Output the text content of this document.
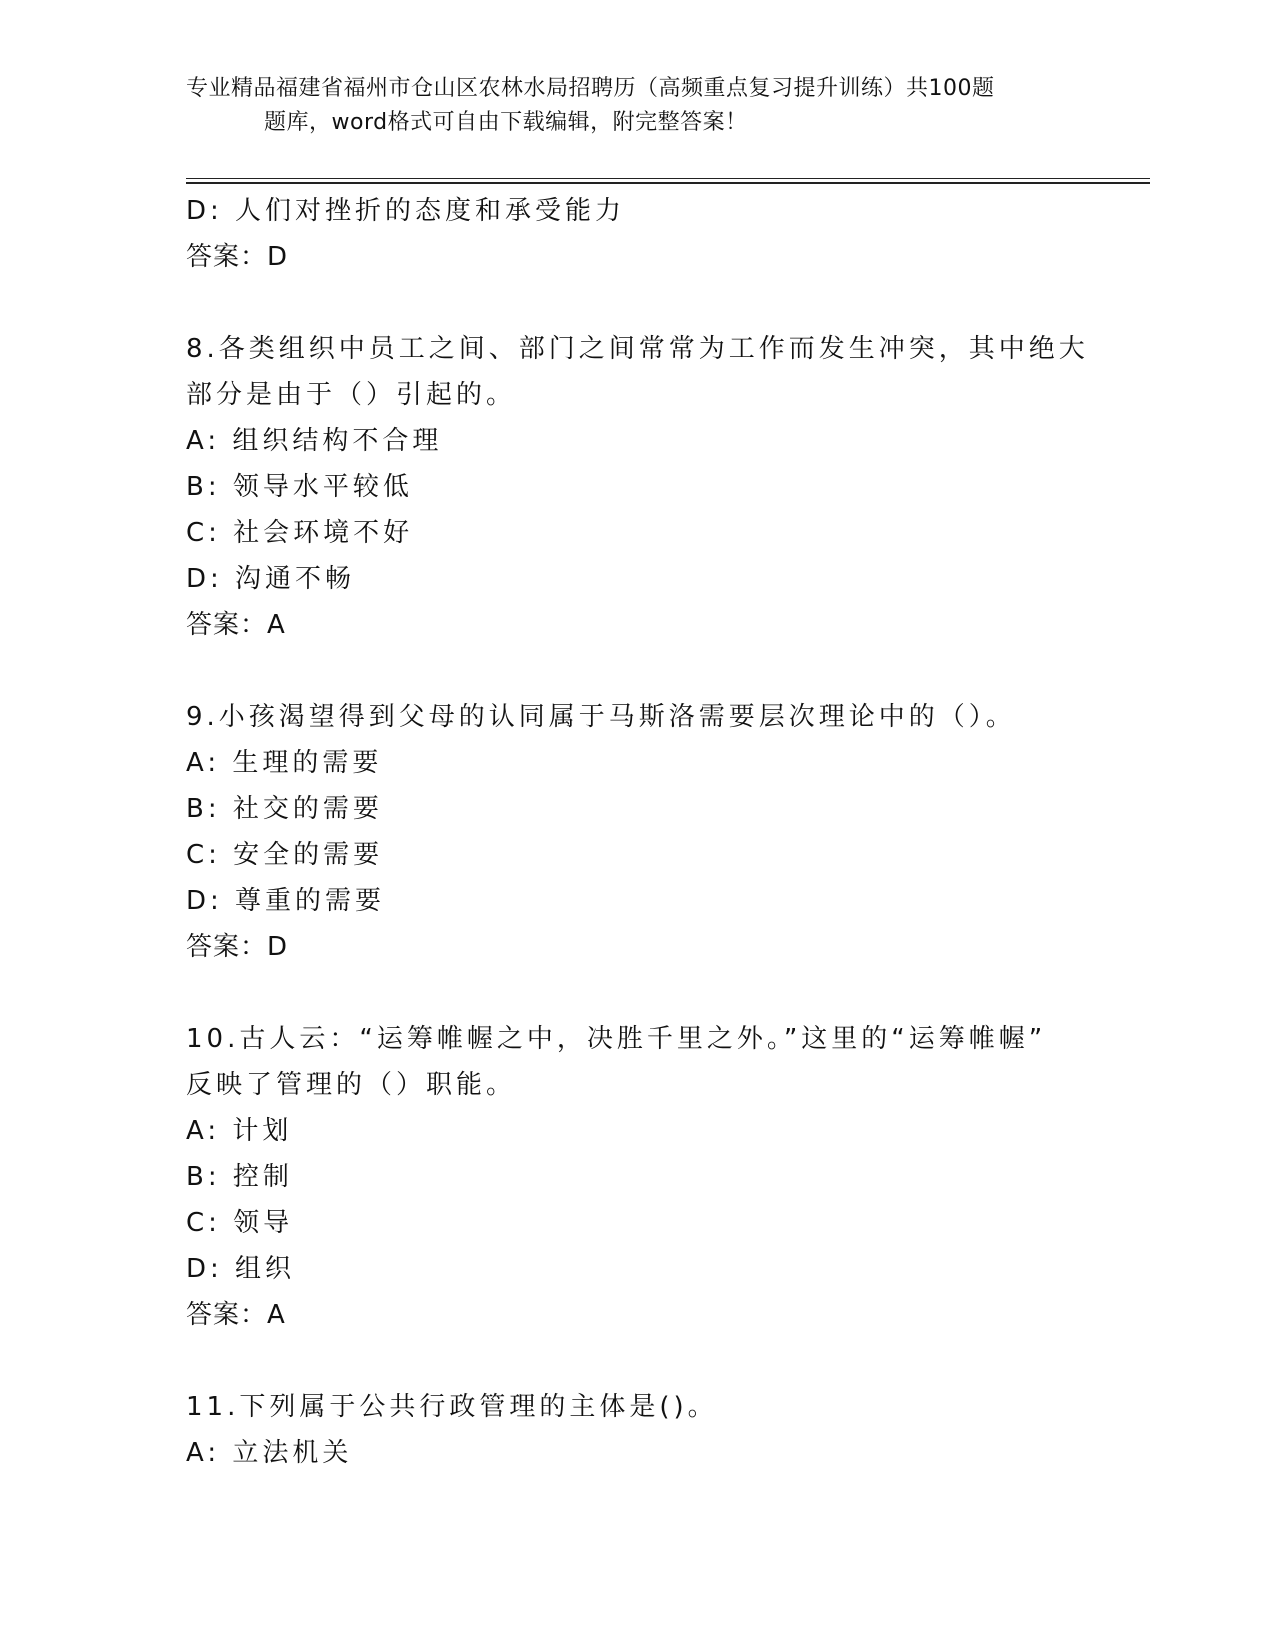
专业精品福建省福州市仓山区农林水局招聘历（高频重点复习提升训练）共100题
题库，word格式可自由下载编辑，附完整答案！
D: 人们对挫折的态度和承受能力
答案：D
8.各类组织中员工之间、部门之间常常为工作而发生冲突，其中绝大
部分是由于（）引起的。
A: 组织结构不合理
B: 领导水平较低
C: 社会环境不好
D: 沟通不畅
答案：A
9.小孩渴望得到父母的认同属于马斯洛需要层次理论中的（）。
A: 生理的需要
B: 社交的需要
C: 安全的需要
D: 尊重的需要
答案：D
10.古人云：“运筹帷幄之中，决胜千里之外。”这里的“运筹帷幄”
反映了管理的（）职能。
A: 计划
B: 控制
C: 领导
D: 组织
答案：A
11.下列属于公共行政管理的主体是()。
A: 立法机关
